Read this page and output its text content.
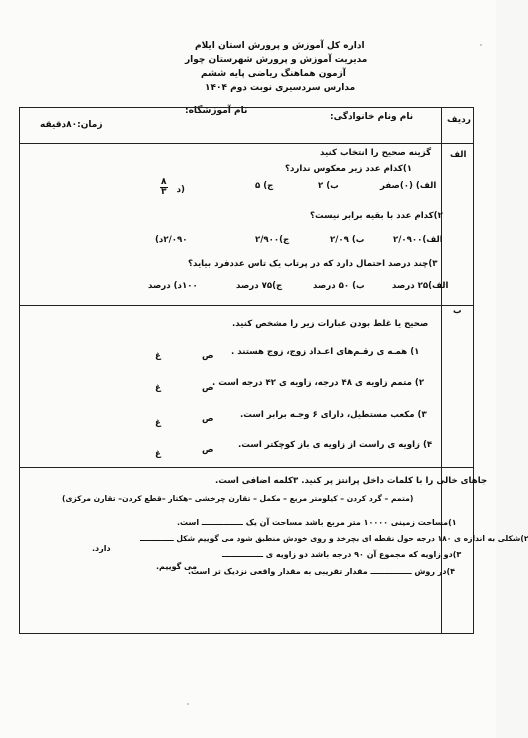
اداره کل آموزش و پرورش استان ایلام
مدیریت آموزش و پرورش شهرستان چوار
آزمون هماهنگ ریاضی پایه ششم
مدارس سردسیری نوبت دوم ۱۴۰۴
نام ونام خانوادگی:
نام آموزشگاه:
زمان:۸۰دقیقه	ردیف
الف
گزینه صحیح را انتخاب کنید
۱)کدام عدد زیر معکوس ندارد؟
الف) (۰)صفر
ب) ۲
ج) ۵
$\frac{۸}{۳}$ د)
۲)کدام عدد با بقیه برابر نیست؟
الف)۲/۰۹۰۰
ب) ۲/۰۹
ج)۲/۹۰۰
۲/۰۹۰د)
۳)چند درصد احتمال دارد که در پرتاب یک تاس عددفرد بیاید؟
الف)۲۵ درصد
ب) ۵۰ درصد
ج)۷۵ درصد
۱۰۰د) درصد
ب
صحیح یا غلط بودن عبارات زیر را مشخص کنید.
۱) همـه ی رقـم‌های اعـداد زوج، زوج هستند .
ص
غ
۲) متمم زاویه ی ۴۸ درجه، زاویه ی ۴۲ درجه است .
ص
غ
۳) مکعب مستطیل، دارای ۶ وجـه برابر است.
ص
غ
۴) زاویه ی راست از زاویه ی باز کوچکتر است.
ص
غ
جاهای خالی را با کلمات داخل پرانتز پر کنید. ۳کلمه اضافی است.
(متمم – گرد کردن – کیلومتر مربع – مکمل – تقارن چرخشی –هکتار –قطع کردن– تقارن مرکزی)
۱)مساحت زمینی ۱۰۰۰۰ متر مربع باشد مساحت آن یک ـــــــــــــــ است.
۲)شکلی به اندازه ی ۱۸۰ درجه حول نقطه ای بچرخد و روی خودش منطبق شود می گوییم شکل ـــــــــــــ
دارد.
۳)دو زاویه که مجموع آن ۹۰ درجه باشد دو زاویه ی ـــــــــــــــ
می گوییم.
۴)در روش ـــــــــــــــ مقدار تقریبی به مقدار واقعی نزدیک تر است.
